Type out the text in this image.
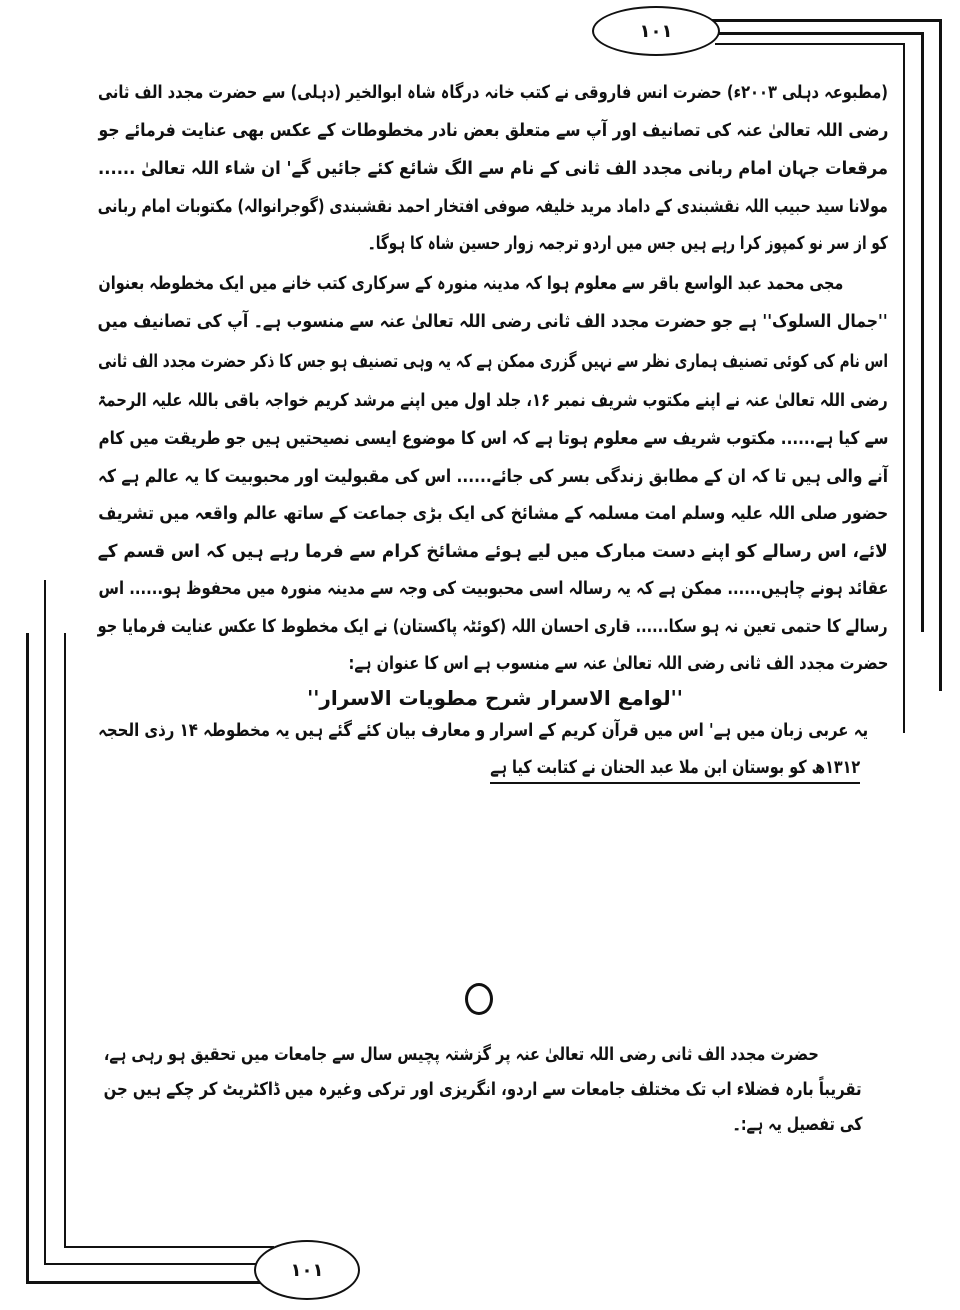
۱۰۱
۱۰۱
(مطبوعہ دہلی ۲۰۰۳ء) حضرت انس فاروقی نے کتب خانہ درگاہ شاہ ابوالخیر (دہلی) سے حضرت مجدد الف ثانی
رضی اللہ تعالیٰ عنہ کی تصانیف اور آپ سے متعلق بعض نادر مخطوطات کے عکس بھی عنایت فرمائے جو
مرقعات جہان امام ربانی مجدد الف ثانی کے نام سے الگ شائع کئے جائیں گے' ان شاء اللہ تعالیٰ ......
مولانا سید حبیب اللہ نقشبندی کے داماد مرید خلیفہ صوفی افتخار احمد نقشبندی (گوجرانوالہ) مکتوبات امام ربانی
کو از سر نو کمپوز کرا رہے ہیں جس میں اردو ترجمہ زوار حسین شاہ کا ہوگا۔
مجی محمد عبد الواسع باقر سے معلوم ہوا کہ مدینہ منورہ کے سرکاری کتب خانے میں ایک مخطوطہ بعنوان
''جمال السلوک'' ہے جو حضرت مجدد الف ثانی رضی اللہ تعالیٰ عنہ سے منسوب ہے۔ آپ کی تصانیف میں
اس نام کی کوئی تصنیف ہماری نظر سے نہیں گزری ممکن ہے کہ یہ وہی تصنیف ہو جس کا ذکر حضرت مجدد الف ثانی
رضی اللہ تعالیٰ عنہ نے اپنے مکتوب شریف نمبر ۱۶، جلد اول میں اپنے مرشد کریم خواجہ باقی باللہ علیہ الرحمۃ
سے کیا ہے...... مکتوب شریف سے معلوم ہوتا ہے کہ اس کا موضوع ایسی نصیحتیں ہیں جو طریقت میں کام
آنے والی ہیں تا کہ ان کے مطابق زندگی بسر کی جائے...... اس کی مقبولیت اور محبوبیت کا یہ عالم ہے کہ
حضور صلی اللہ علیہ وسلم امت مسلمہ کے مشائخ کی ایک بڑی جماعت کے ساتھ عالم واقعہ میں تشریف
لائے، اس رسالے کو اپنے دست مبارک میں لیے ہوئے مشائخ کرام سے فرما رہے ہیں کہ اس قسم کے
عقائد ہونے چاہیں...... ممکن ہے کہ یہ رسالہ اسی محبوبیت کی وجہ سے مدینہ منورہ میں محفوظ ہو...... اس
رسالے کا حتمی تعین نہ ہو سکا...... قاری احسان اللہ (کوئٹہ پاکستان) نے ایک مخطوط کا عکس عنایت فرمایا جو
حضرت مجدد الف ثانی رضی اللہ تعالیٰ عنہ سے منسوب ہے اس کا عنوان ہے:
''لوامع الاسرار شرح مطویات الاسرار''
یہ عربی زبان میں ہے' اس میں قرآن کریم کے اسرار و معارف بیان کئے گئے ہیں یہ مخطوطہ ۱۴ رذی الحجہ
۱۳۱۲ھ کو بوستان ابن ملا عبد الحنان نے کتابت کیا ہے
حضرت مجدد الف ثانی رضی اللہ تعالیٰ عنہ پر گزشتہ پچیس سال سے جامعات میں تحقیق ہو رہی ہے،
تقریباً بارہ فضلاء اب تک مختلف جامعات سے اردو، انگریزی اور ترکی وغیرہ میں ڈاکٹریٹ کر چکے ہیں جن
کی تفصیل یہ ہے:۔
